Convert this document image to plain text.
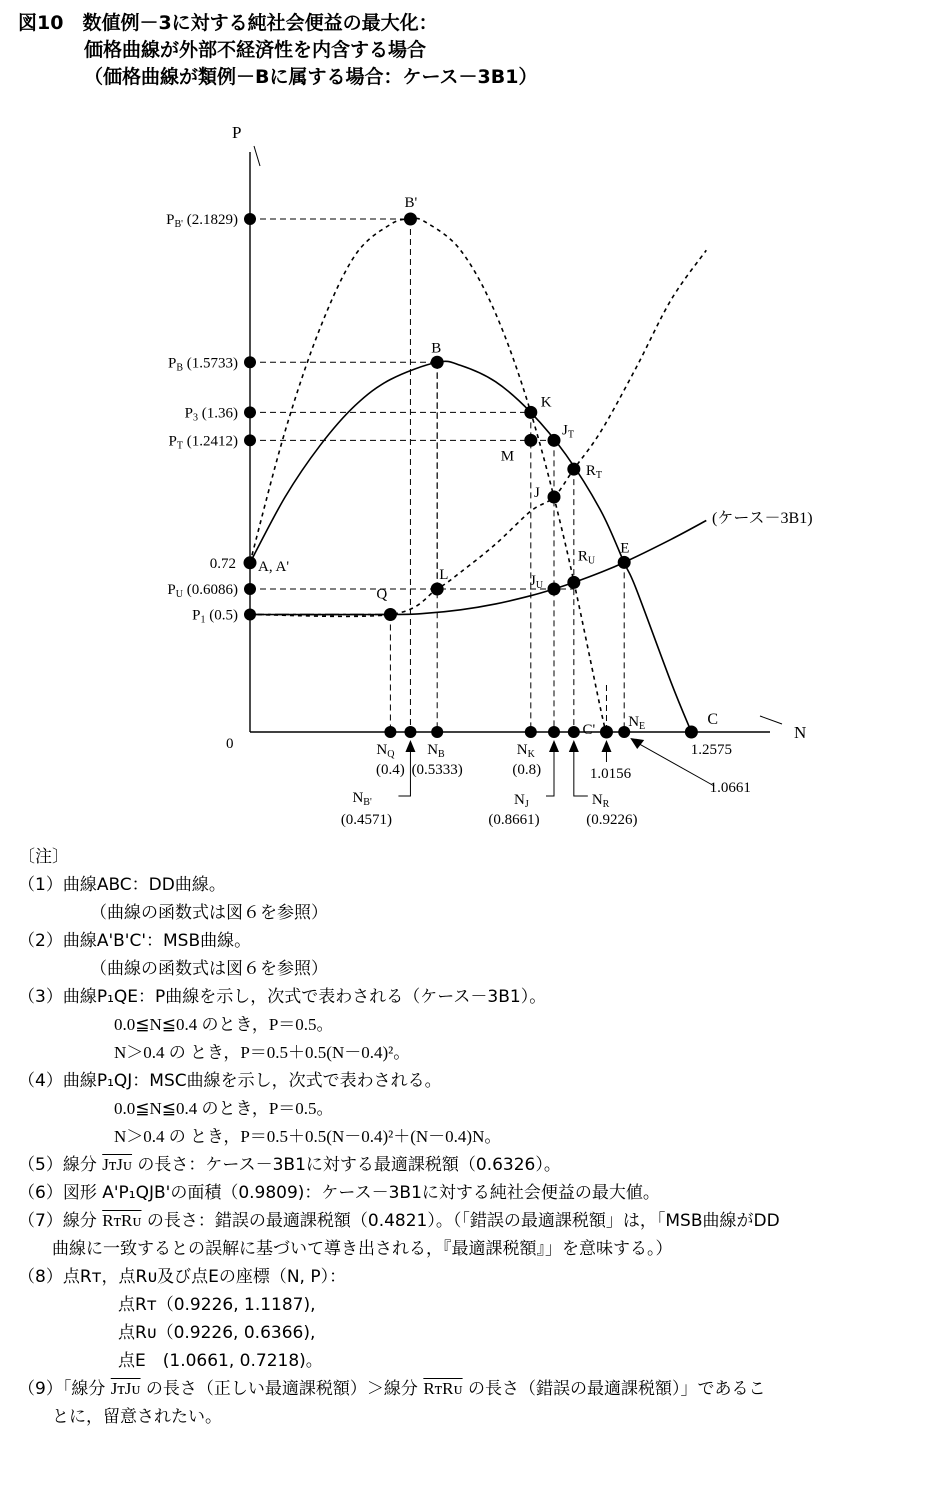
図10　数値例－3に対する純社会便益の最大化：
価格曲線が外部不経済性を内含する場合
（価格曲線が類例－Bに属する場合：ケース－3B1）
N
P
0
$P_{B'}$ (2.1829)
$P_B$ (1.5733)
$P_3$ (1.36)
$P_T$ (1.2412)
0.72
$P_U$ (0.6086)
$P_1$ (0.5)
$N_Q$
(0.4)
$N_{B'}$
(0.4571)
$N_B$
(0.5333)
$N_K$
(0.8)
$N_J$
(0.8661)
$N_R$
(0.9226)
1.0156
$N_E$
1.0661
C
1.2575
A, A'
B'
B
K
M
$J_T$
$R_T$
J
E
$R_U$
$J_U$
L
Q
C'
(ケース－3B1)
〔注〕
（1）曲線ABC：DD曲線。
（曲線の函数式は図６を参照）
（2）曲線A'B'C'：MSB曲線。
（曲線の函数式は図６を参照）
（3）曲線P₁QE：P曲線を示し，次式で表わされる（ケース－3B1）。
0.0≦N≦0.4 のとき，P＝0.5。
N＞0.4 の とき，P＝0.5＋0.5(N－0.4)²。
（4）曲線P₁QJ：MSC曲線を示し，次式で表わされる。
0.0≦N≦0.4 のとき，P＝0.5。
N＞0.4 の とき，P＝0.5＋0.5(N－0.4)²＋(N－0.4)N。
（5）線分 JᴛJᴜ の長さ：ケース－3B1に対する最適課税額（0.6326）。
（6）図形 A'P₁QJB'の面積（0.9809)：ケース－3B1に対する純社会便益の最大値。
（7）線分 RᴛRᴜ の長さ：錯誤の最適課税額（0.4821）。（「錯誤の最適課税額」は，「MSB曲線がDD
曲線に一致するとの誤解に基づいて導き出される，『最適課税額』」を意味する。）
（8）点Rᴛ，点Rᴜ及び点Eの座標（N, P）：
点Rᴛ（0.9226, 1.1187),
点Rᴜ（0.9226, 0.6366),
点E　(1.0661, 0.7218)。
（9）「線分 JᴛJᴜ の長さ（正しい最適課税額）＞線分 RᴛRᴜ の長さ（錯誤の最適課税額）」であるこ
とに，留意されたい。
